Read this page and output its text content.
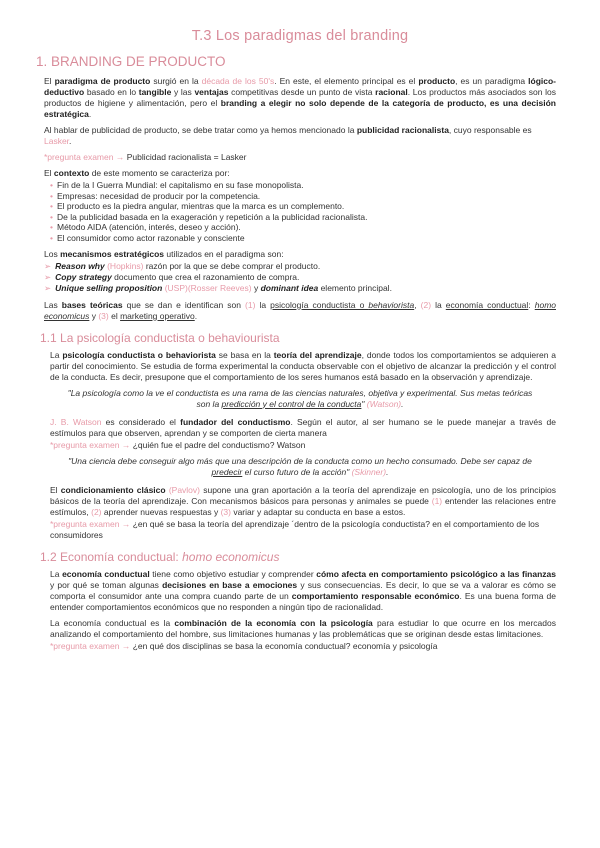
T.3 Los paradigmas del branding
1. BRANDING DE PRODUCTO

El paradigma de producto surgió en la década de los 50's. En este, el elemento principal es el producto, es un paradigma lógico-deductivo basado en lo tangible y las ventajas competitivas desde un punto de vista racional. Los productos más asociados son los productos de higiene y alimentación, pero el branding a elegir no solo depende de la categoría de producto, es una decisión estratégica.

Al hablar de publicidad de producto, se debe tratar como ya hemos mencionado la publicidad racionalista, cuyo responsable es Lasker.

*pregunta examen → Publicidad racionalista = Lasker

El contexto de este momento se caracteriza por:

• Fin de la I Guerra Mundial: el capitalismo en su fase monopolista.
• Empresas: necesidad de producir por la competencia.
• El producto es la piedra angular, mientras que la marca es un complemento.
• De la publicidad basada en la exageración y repetición a la publicidad racionalista.
• Método AIDA (atención, interés, deseo y acción).
• El consumidor como actor razonable y consciente

Los mecanismos estratégicos utilizados en el paradigma son:

➢ Reason why (Hopkins) razón por la que se debe comprar el producto.
➢ Copy strategy documento que crea el razonamiento de compra.
➢ Unique selling proposition (USP)(Rosser Reeves) y dominant idea elemento principal.

Las bases teóricas que se dan e identifican son (1) la psicología conductista o behaviorista, (2) la economía conductual: homo economicus y (3) el marketing operativo.

1.1 La psicología conductista o behaviourista

La psicología conductista o behaviorista se basa en la teoría del aprendizaje, donde todos los comportamientos se adquieren a partir del conocimiento. Se estudia de forma experimental la conducta observable con el objetivo de alcanzar la predicción y el control de la conducta. Es decir, presupone que el comportamiento de los seres humanos está basado en la observación y aprendizaje.

"La psicología como la ve el conductista es una rama de las ciencias naturales, objetiva y experimental. Sus metas teóricas son la predicción y el control de la conducta" (Watson).

J. B. Watson es considerado el fundador del conductismo. Según el autor, al ser humano se le puede manejar a través de estímulos para que observen, aprendan y se comporten de cierta manera

*pregunta examen → ¿quién fue el padre del conductismo? Watson

"Una ciencia debe conseguir algo más que una descripción de la conducta como un hecho consumado. Debe ser capaz de predecir el curso futuro de la acción" (Skinner).

El condicionamiento clásico (Pavlov) supone una gran aportación a la teoría del aprendizaje en psicología, uno de los principios básicos de la teoría del aprendizaje. Con mecanismos básicos para personas y animales se puede (1) entender las relaciones entre estímulos, (2) aprender nuevas respuestas y (3) variar y adaptar su conducta en base a estos.

*pregunta examen → ¿en qué se basa la teoría del aprendizaje ´dentro de la psicología conductista? en el comportamiento de los consumidores

1.2 Economía conductual: homo economicus

La economía conductual tiene como objetivo estudiar y comprender cómo afecta en comportamiento psicológico a las finanzas y por qué se toman algunas decisiones en base a emociones y sus consecuencias. Es decir, lo que se va a valorar es cómo se comporta el consumidor ante una compra cuando parte de un comportamiento responsable económico. Es una buena forma de entender comportamientos económicos que no responden a ningún tipo de racionalidad.

La economía conductual es la combinación de la economía con la psicología para estudiar lo que ocurre en los mercados analizando el comportamiento del hombre, sus limitaciones humanas y las problemáticas que se originan desde estas limitaciones.

*pregunta examen → ¿en qué dos disciplinas se basa la economía conductual? economía y psicología
